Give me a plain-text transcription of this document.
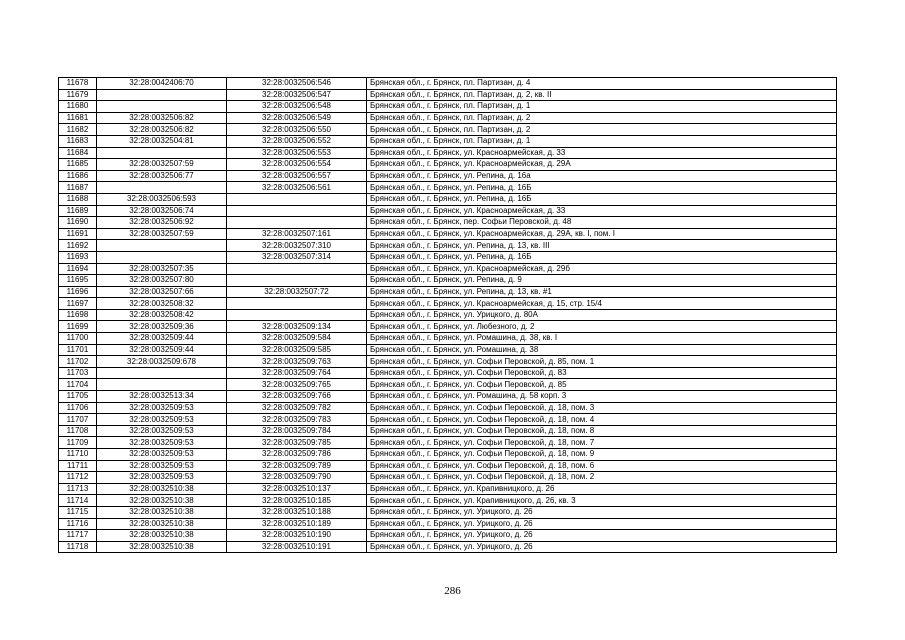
11678	32:28:0042406:70	32:28:0032506:546	Брянская обл., г. Брянск, пл. Партизан, д. 4
11679		32:28:0032506:547	Брянская обл., г. Брянск, пл. Партизан, д. 2, кв. II
11680		32:28:0032506:548	Брянская обл., г. Брянск, пл. Партизан, д. 1
11681	32:28:0032506:82	32:28:0032506:549	Брянская обл., г. Брянск, пл. Партизан, д. 2
11682	32:28:0032506:82	32:28:0032506:550	Брянская обл., г. Брянск, пл. Партизан, д. 2
11683	32:28:0032504:81	32:28:0032506:552	Брянская обл., г. Брянск, пл. Партизан, д. 1
11684		32:28:0032506:553	Брянская обл., г. Брянск, ул. Красноармейская, д. 33
11685	32:28:0032507:59	32:28:0032506:554	Брянская обл., г. Брянск, ул. Красноармейская, д. 29А
11686	32:28:0032506:77	32:28:0032506:557	Брянская обл., г. Брянск, ул. Репина, д. 16а
11687		32:28:0032506:561	Брянская обл., г. Брянск, ул. Репина, д. 16Б
11688	32:28:0032506:593		Брянская обл., г. Брянск, ул. Репина, д. 16Б
11689	32:28:0032506:74		Брянская обл., г. Брянск, ул. Красноармейская, д. 33
11690	32:28:0032506:92		Брянская обл., г. Брянск, пер. Софьи Перовской, д. 48
11691	32:28:0032507:59	32:28:0032507:161	Брянская обл., г. Брянск, ул. Красноармейская, д. 29А, кв. I, пом. I
11692		32:28:0032507:310	Брянская обл., г. Брянск, ул. Репина, д. 13, кв. III
11693		32:28:0032507:314	Брянская обл., г. Брянск, ул. Репина, д. 16Б
11694	32:28:0032507:35		Брянская обл., г. Брянск, ул. Красноармейская, д. 29б
11695	32:28:0032507:80		Брянская обл., г. Брянск, ул. Репина, д. 9
11696	32:28:0032507:66	32:28:0032507:72	Брянская обл., г. Брянск, ул. Репина, д. 13, кв. #1
11697	32:28:0032508:32		Брянская обл., г. Брянск, ул. Красноармейская, д. 15, стр. 15/4
11698	32:28:0032508:42		Брянская обл., г. Брянск, ул. Урицкого, д. 80А
11699	32:28:0032509:36	32:28:0032509:134	Брянская обл., г. Брянск, ул. Любезного, д. 2
11700	32:28:0032509:44	32:28:0032509:584	Брянская обл., г. Брянск, ул. Ромашина, д. 38, кв. I
11701	32:28:0032509:44	32:28:0032509:585	Брянская обл., г. Брянск, ул. Ромашина, д. 38
11702	32:28:0032509:678	32:28:0032509:763	Брянская обл., г. Брянск, ул. Софьи Перовской, д. 85, пом. 1
11703		32:28:0032509:764	Брянская обл., г. Брянск, ул. Софьи Перовской, д. 83
11704		32:28:0032509:765	Брянская обл., г. Брянск, ул. Софьи Перовской, д. 85
11705	32:28:0032513:34	32:28:0032509:766	Брянская обл., г. Брянск, ул. Ромашина, д. 58 корп. 3
11706	32:28:0032509:53	32:28:0032509:782	Брянская обл., г. Брянск, ул. Софьи Перовской, д. 18, пом. 3
11707	32:28:0032509:53	32:28:0032509:783	Брянская обл., г. Брянск, ул. Софьи Перовской, д. 18, пом. 4
11708	32:28:0032509:53	32:28:0032509:784	Брянская обл., г. Брянск, ул. Софьи Перовской, д. 18, пом. 8
11709	32:28:0032509:53	32:28:0032509:785	Брянская обл., г. Брянск, ул. Софьи Перовской, д. 18, пом. 7
11710	32:28:0032509:53	32:28:0032509:786	Брянская обл., г. Брянск, ул. Софьи Перовской, д. 18, пом. 9
11711	32:28:0032509:53	32:28:0032509:789	Брянская обл., г. Брянск, ул. Софьи Перовской, д. 18, пом. 6
11712	32:28:0032509:53	32:28:0032509:790	Брянская обл., г. Брянск, ул. Софьи Перовской, д. 18, пом. 2
11713	32:28:0032510:38	32:28:0032510:137	Брянская обл., г. Брянск, ул. Крапивницкого, д. 26
11714	32:28:0032510:38	32:28:0032510:185	Брянская обл., г. Брянск, ул. Крапивницкого, д. 26, кв. 3
11715	32:28:0032510:38	32:28:0032510:188	Брянская обл., г. Брянск, ул. Урицкого, д. 26
11716	32:28:0032510:38	32:28:0032510:189	Брянская обл., г. Брянск, ул. Урицкого, д. 26
11717	32:28:0032510:38	32:28:0032510:190	Брянская обл., г. Брянск, ул. Урицкого, д. 26
11718	32:28:0032510:38	32:28:0032510:191	Брянская обл., г. Брянск, ул. Урицкого, д. 26
286
